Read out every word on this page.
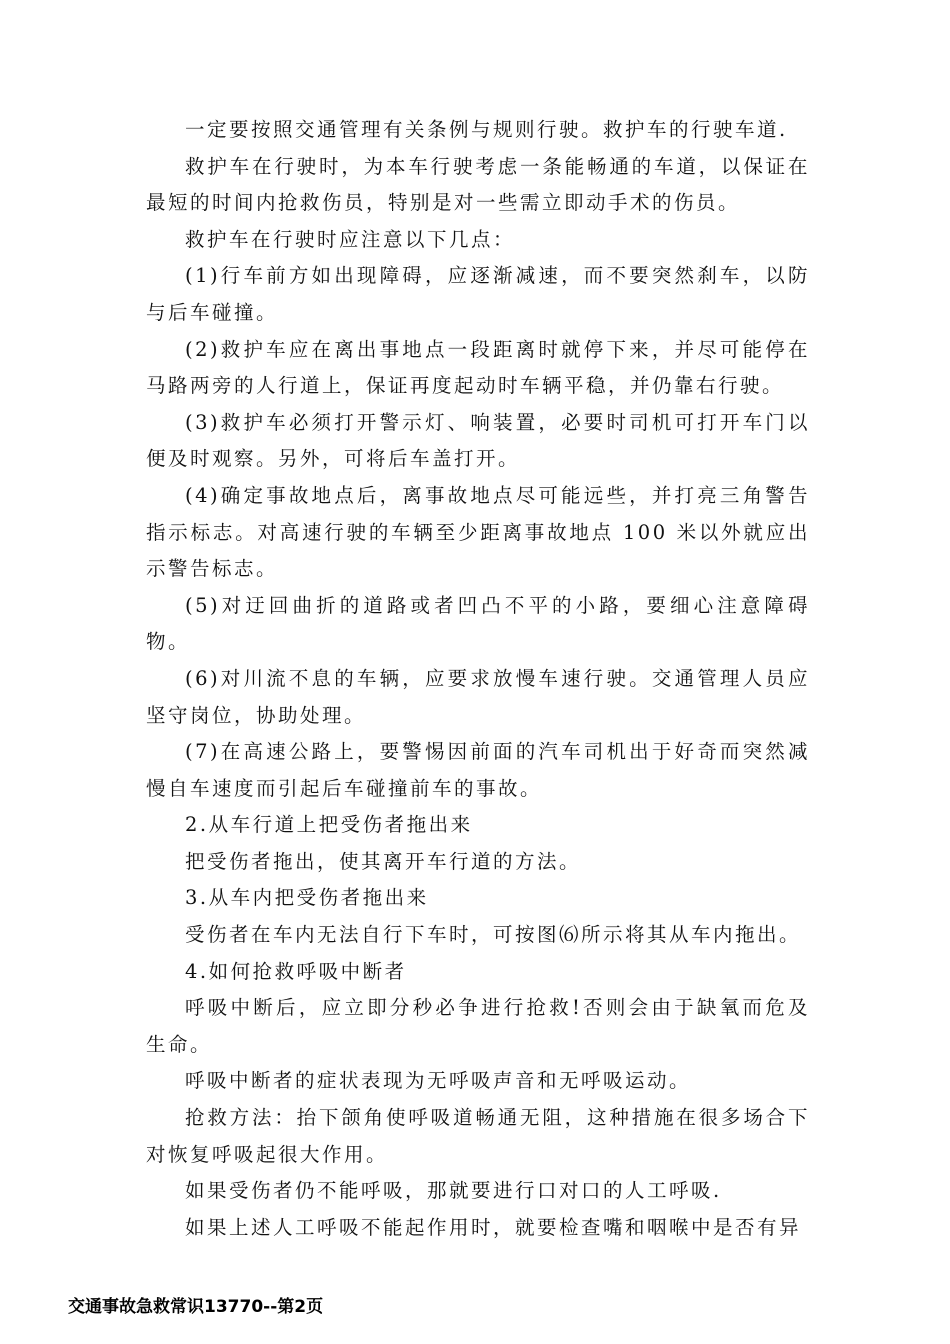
一定要按照交通管理有关条例与规则行驶。救护车的行驶车道.

救护车在行驶时，为本车行驶考虑一条能畅通的车道，以保证在最短的时间内抢救伤员，特别是对一些需立即动手术的伤员。

救护车在行驶时应注意以下几点：

(1)行车前方如出现障碍，应逐渐减速，而不要突然刹车，以防与后车碰撞。

(2)救护车应在离出事地点一段距离时就停下来，并尽可能停在马路两旁的人行道上，保证再度起动时车辆平稳，并仍靠右行驶。

(3)救护车必须打开警示灯、响装置，必要时司机可打开车门以便及时观察。另外，可将后车盖打开。

(4)确定事故地点后，离事故地点尽可能远些，并打亮三角警告指示标志。对高速行驶的车辆至少距离事故地点 100 米以外就应出示警告标志。

(5)对迂回曲折的道路或者凹凸不平的小路，要细心注意障碍物。

(6)对川流不息的车辆，应要求放慢车速行驶。交通管理人员应坚守岗位，协助处理。

(7)在高速公路上，要警惕因前面的汽车司机出于好奇而突然减慢自车速度而引起后车碰撞前车的事故。

2.从车行道上把受伤者拖出来

把受伤者拖出，使其离开车行道的方法。

3.从车内把受伤者拖出来

受伤者在车内无法自行下车时，可按图⑹所示将其从车内拖出。

4.如何抢救呼吸中断者

呼吸中断后，应立即分秒必争进行抢救!否则会由于缺氧而危及生命。

呼吸中断者的症状表现为无呼吸声音和无呼吸运动。

抢救方法：抬下颌角使呼吸道畅通无阻，这种措施在很多场合下对恢复呼吸起很大作用。

如果受伤者仍不能呼吸，那就要进行口对口的人工呼吸.

如果上述人工呼吸不能起作用时，就要检查嘴和咽喉中是否有异

交通事故急救常识13770--第2页
